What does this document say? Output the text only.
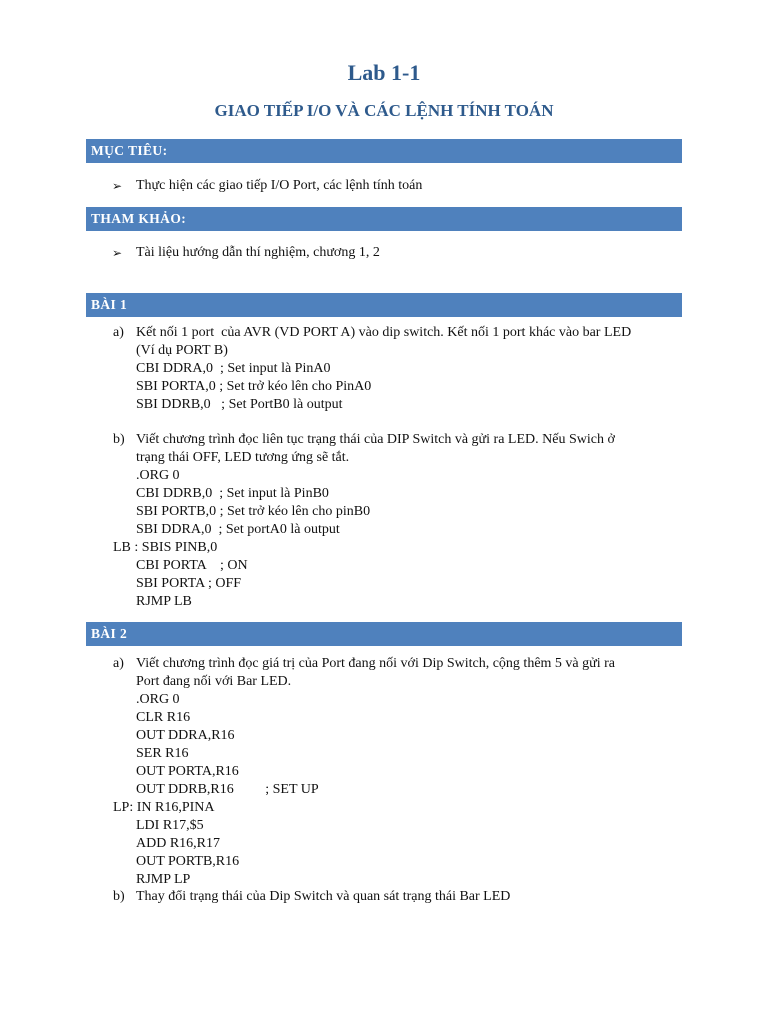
Lab 1-1
GIAO TIẾP I/O VÀ CÁC LỆNH TÍNH TOÁN
MỤC TIÊU:
➢ Thực hiện các giao tiếp I/O Port, các lệnh tính toán
THAM KHẢO:
➢ Tài liệu hướng dẫn thí nghiệm, chương 1, 2
BÀI 1
a) Kết nối 1 port  của AVR (VD PORT A) vào dip switch. Kết nối 1 port khác vào bar LED
(Ví dụ PORT B)
CBI DDRA,0  ; Set input là PinA0
SBI PORTA,0 ; Set trở kéo lên cho PinA0
SBI DDRB,0   ; Set PortB0 là output
b) Viết chương trình đọc liên tục trạng thái của DIP Switch và gửi ra LED. Nếu Swich ở
trạng thái OFF, LED tương ứng sẽ tắt.
.ORG 0
CBI DDRB,0  ; Set input là PinB0
SBI PORTB,0 ; Set trở kéo lên cho pinB0
SBI DDRA,0  ; Set portA0 là output
LB : SBIS PINB,0
CBI PORTA    ; ON
SBI PORTA ; OFF
RJMP LB
BÀI 2
a) Viết chương trình đọc giá trị của Port đang nối với Dip Switch, cộng thêm 5 và gửi ra
Port đang nối với Bar LED.
.ORG 0
CLR R16
OUT DDRA,R16
SER R16
OUT PORTA,R16
OUT DDRB,R16         ; SET UP
LP: IN R16,PINA
LDI R17,$5
ADD R16,R17
OUT PORTB,R16
RJMP LP
b) Thay đổi trạng thái của Dip Switch và quan sát trạng thái Bar LED
